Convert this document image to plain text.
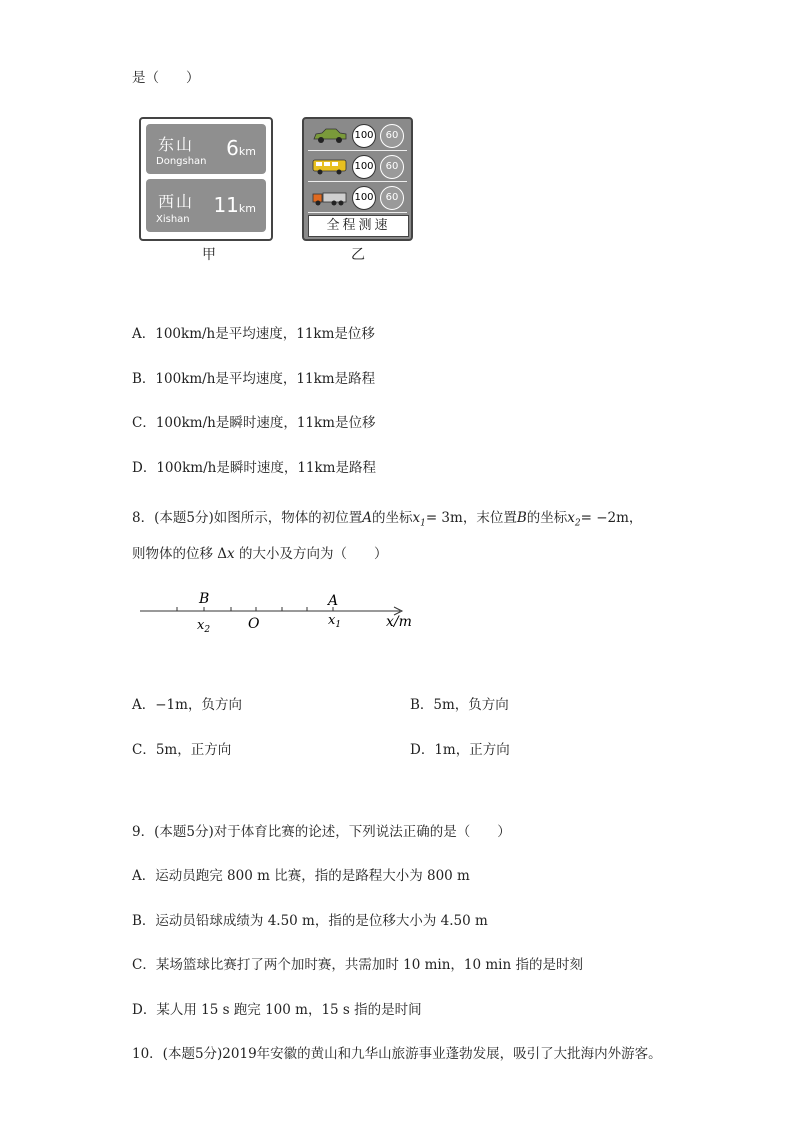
是（　　）
东山
Dongshan
6km
西山
Xishan
11km
甲
100	60
100	60
100	60
全程测速
乙
A．100km/h是平均速度，11km是位移
B．100km/h是平均速度，11km是路程
C．100km/h是瞬时速度，11km是位移
D．100km/h是瞬时速度，11km是路程
8．(本题5分)如图所示，物体的初位置A的坐标$x_1= 3m$，末位置B的坐标$x_2= -2m$，
则物体的位移 Δx 的大小及方向为（　　）
B	A
$x_2$	O	$x_1$	x/m
A．−1m，负方向	B．5m，负方向
C．5m，正方向	D．1m，正方向
9．(本题5分)对于体育比赛的论述，下列说法正确的是（　　）
A．运动员跑完 800 m 比赛，指的是路程大小为 800 m
B．运动员铅球成绩为 4.50 m，指的是位移大小为 4.50 m
C．某场篮球比赛打了两个加时赛，共需加时 10 min，10 min 指的是时刻
D．某人用 15 s 跑完 100 m，15 s 指的是时间
10．(本题5分)2019年安徽的黄山和九华山旅游事业蓬勃发展，吸引了大批海内外游客。
